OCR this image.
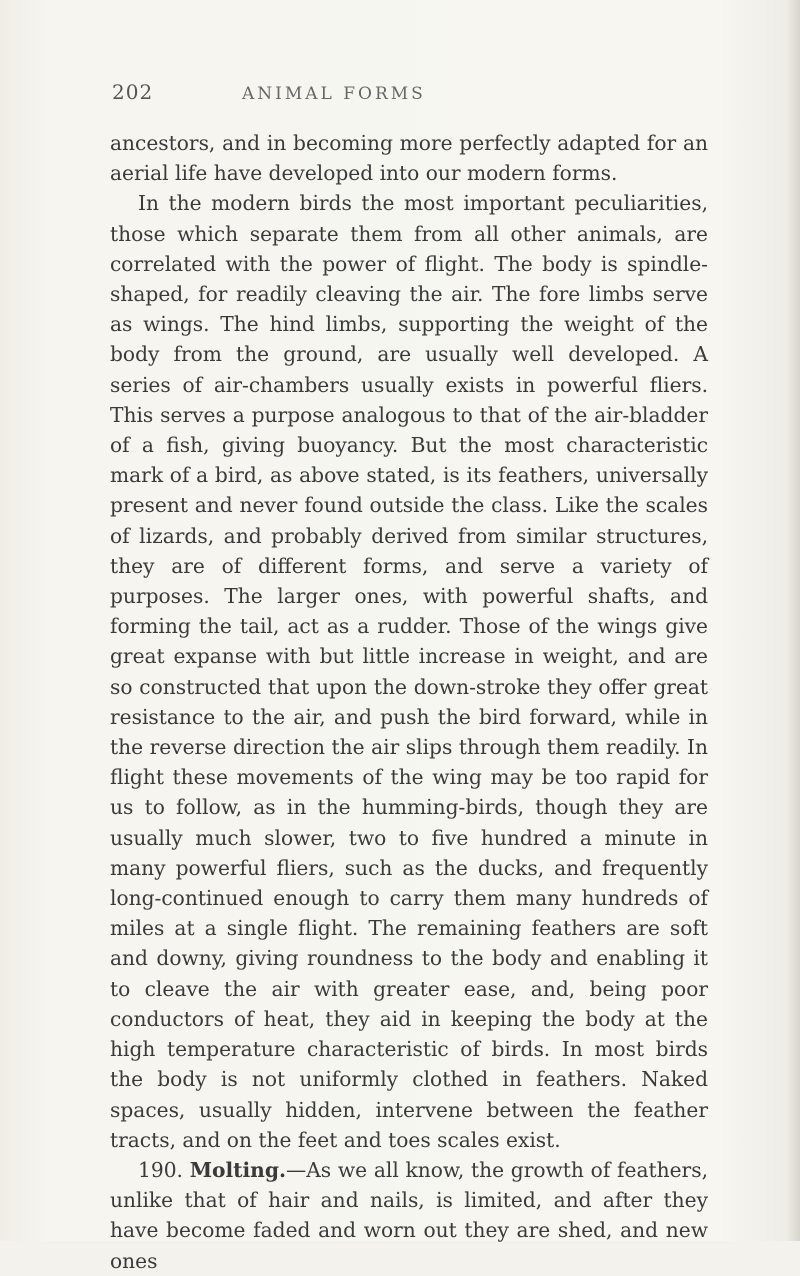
202	ANIMAL FORMS

ancestors, and in becoming more perfectly adapted for an aerial life have developed into our modern forms.

In the modern birds the most important peculiarities, those which separate them from all other animals, are correlated with the power of flight. The body is spindle-shaped, for readily cleaving the air. The fore limbs serve as wings. The hind limbs, supporting the weight of the body from the ground, are usually well developed. A series of air-chambers usually exists in powerful fliers. This serves a purpose analogous to that of the air-bladder of a fish, giving buoyancy. But the most characteristic mark of a bird, as above stated, is its feathers, universally present and never found outside the class. Like the scales of lizards, and probably derived from similar structures, they are of different forms, and serve a variety of purposes. The larger ones, with powerful shafts, and forming the tail, act as a rudder. Those of the wings give great expanse with but little increase in weight, and are so constructed that upon the down-stroke they offer great resistance to the air, and push the bird forward, while in the reverse direction the air slips through them readily. In flight these movements of the wing may be too rapid for us to follow, as in the humming-birds, though they are usually much slower, two to five hundred a minute in many powerful fliers, such as the ducks, and frequently long-continued enough to carry them many hundreds of miles at a single flight. The remaining feathers are soft and downy, giving roundness to the body and enabling it to cleave the air with greater ease, and, being poor conductors of heat, they aid in keeping the body at the high temperature characteristic of birds. In most birds the body is not uniformly clothed in feathers. Naked spaces, usually hidden, intervene between the feather tracts, and on the feet and toes scales exist.

190. Molting.—As we all know, the growth of feathers, unlike that of hair and nails, is limited, and after they have become faded and worn out they are shed, and new ones
